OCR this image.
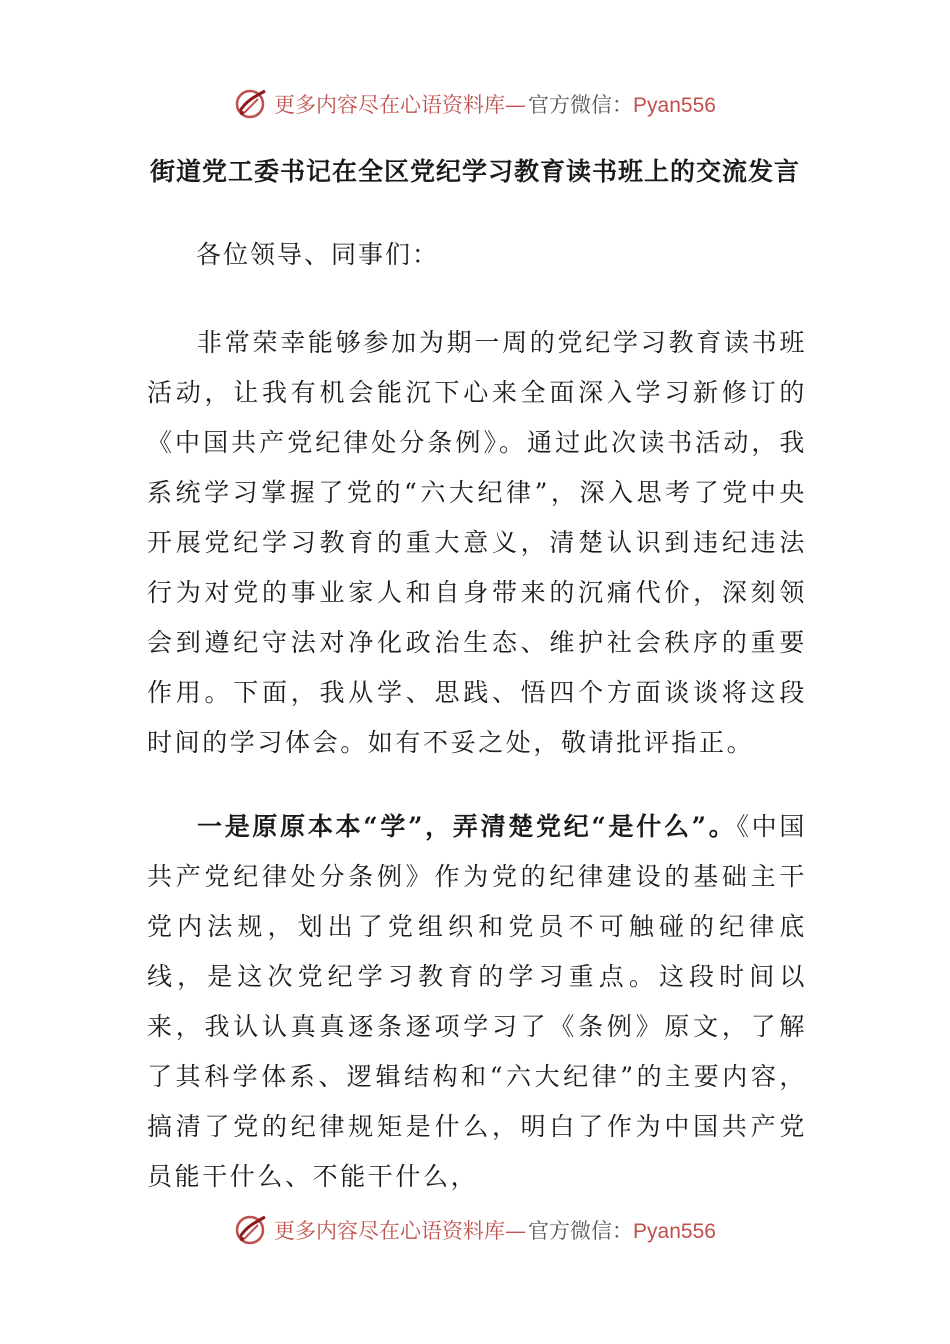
更多内容尽在心语资料库—官方微信：Pyan556
街道党工委书记在全区党纪学习教育读书班上的交流发言
各位领导、同事们：

非常荣幸能够参加为期一周的党纪学习教育读书班活动，让我有机会能沉下心来全面深入学习新修订的《中国共产党纪律处分条例》。通过此次读书活动，我系统学习掌握了党的“六大纪律”，深入思考了党中央开展党纪学习教育的重大意义，清楚认识到违纪违法行为对党的事业家人和自身带来的沉痛代价，深刻领会到遵纪守法对净化政治生态、维护社会秩序的重要作用。下面，我从学、思践、悟四个方面谈谈将这段时间的学习体会。如有不妥之处，敬请批评指正。

一是原原本本“学”，弄清楚党纪“是什么”。《中国共产党纪律处分条例》作为党的纪律建设的基础主干党内法规，划出了党组织和党员不可触碰的纪律底线，是这次党纪学习教育的学习重点。这段时间以来，我认认真真逐条逐项学习了《条例》原文，了解了其科学体系、逻辑结构和“六大纪律”的主要内容，搞清了党的纪律规矩是什么，明白了作为中国共产党员能干什么、不能干什么，

更多内容尽在心语资料库—官方微信：Pyan556
